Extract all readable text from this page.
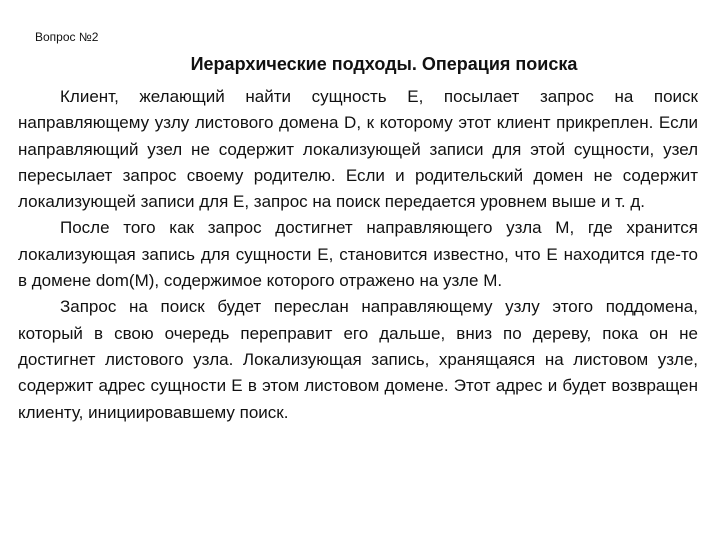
Вопрос №2
Иерархические подходы. Операция поиска

Клиент, желающий найти сущность Е, посылает запрос на поиск направляющему узлу листового домена D, к которому этот клиент прикреплен. Если направляющий узел не содержит локализующей записи для этой сущности, узел пересылает запрос своему родителю. Если и родительский домен не содержит локализующей записи для Е, запрос на поиск передается уровнем выше и т. д.

После того как запрос достигнет направляющего узла М, где хранится локализующая запись для сущности Е, становится известно, что Е находится где-то в домене dom(M), содержимое которого отражено на узле М.

Запрос на поиск будет переслан направляющему узлу этого поддомена, который в свою очередь переправит его дальше, вниз по дереву, пока он не достигнет листового узла. Локализующая запись, хранящаяся на листовом узле, содержит адрес сущности Е в этом листовом домене. Этот адрес и будет возвращен клиенту, инициировавшему поиск.
